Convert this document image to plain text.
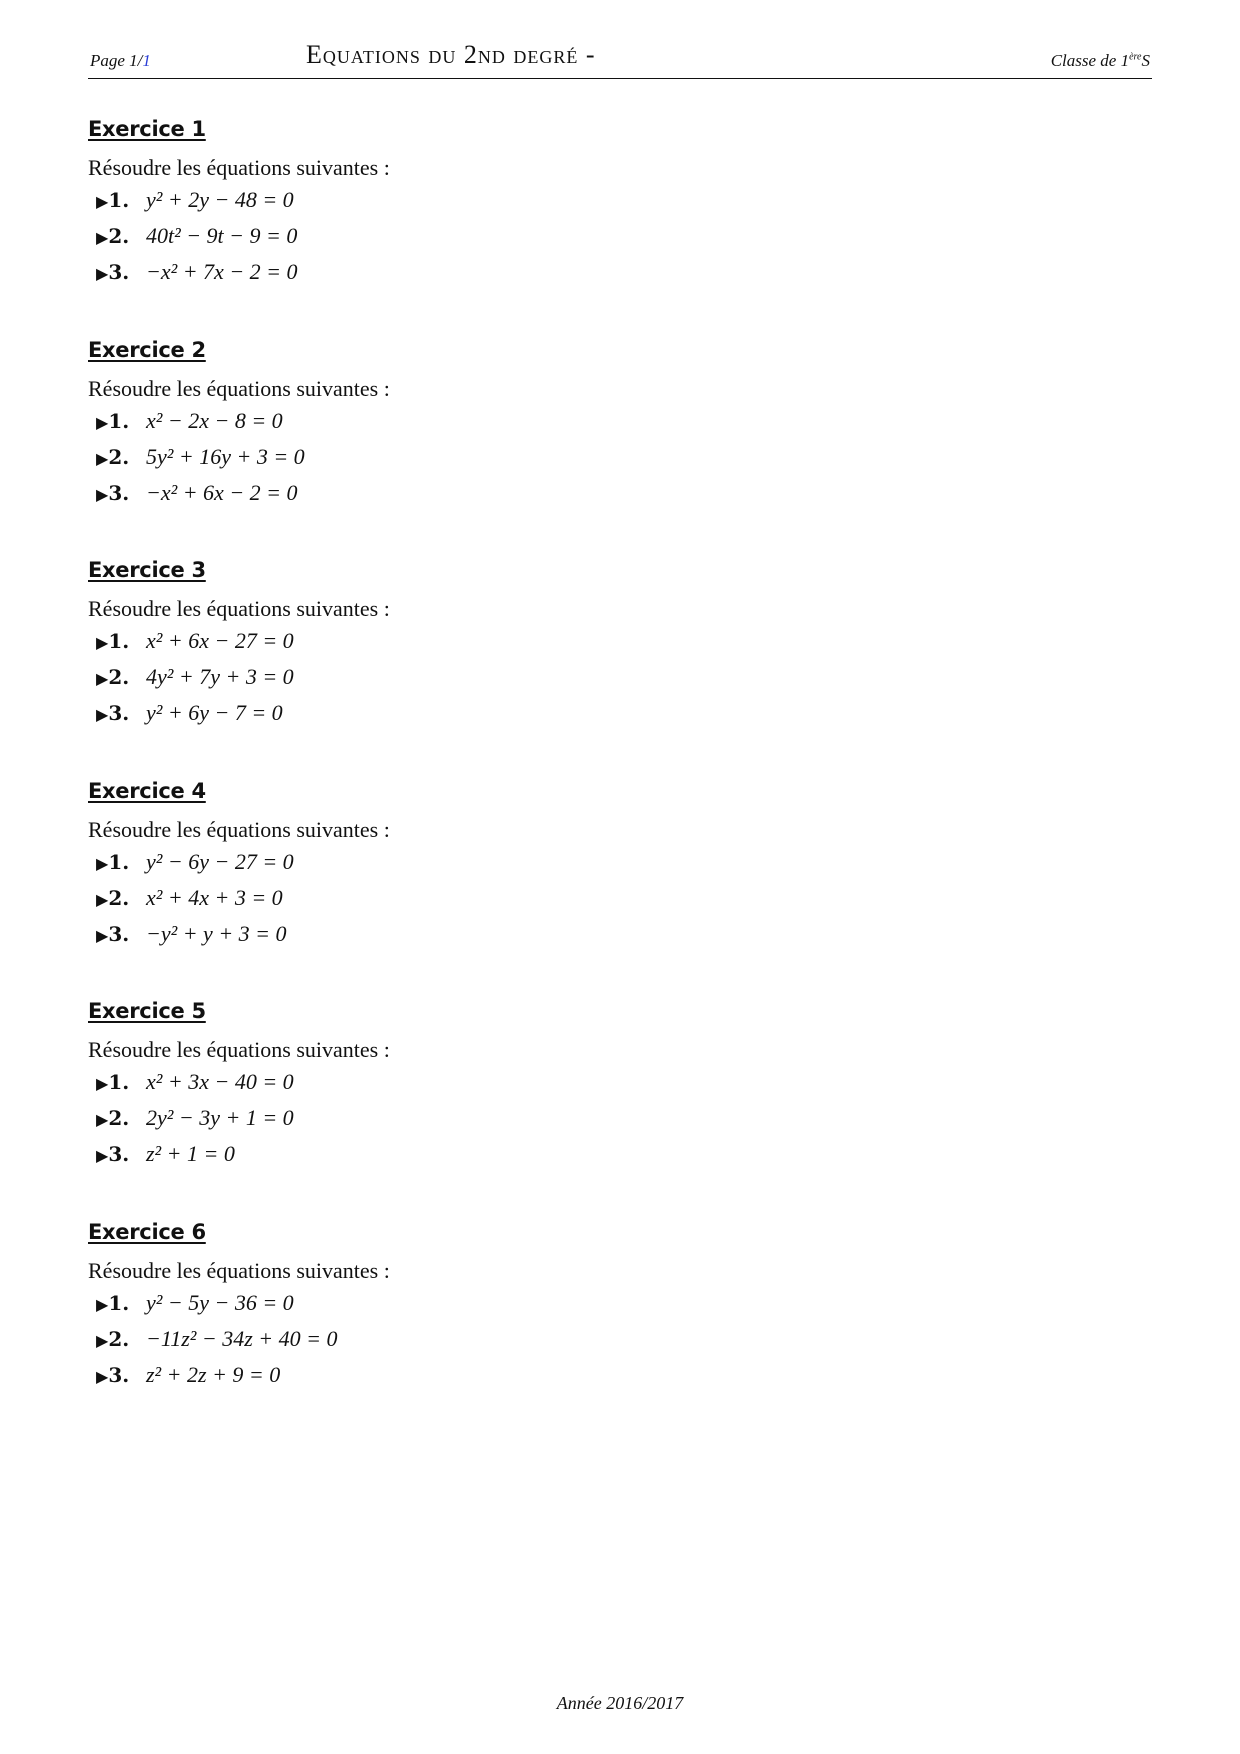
Page 1/1	Equations du 2nd degré -	Classe de 1èreS
Exercice 1
Résoudre les équations suivantes :
▶1. y² + 2y − 48 = 0
▶2. 40t² − 9t − 9 = 0
▶3. −x² + 7x − 2 = 0
Exercice 2
Résoudre les équations suivantes :
▶1. x² − 2x − 8 = 0
▶2. 5y² + 16y + 3 = 0
▶3. −x² + 6x − 2 = 0
Exercice 3
Résoudre les équations suivantes :
▶1. x² + 6x − 27 = 0
▶2. 4y² + 7y + 3 = 0
▶3. y² + 6y − 7 = 0
Exercice 4
Résoudre les équations suivantes :
▶1. y² − 6y − 27 = 0
▶2. x² + 4x + 3 = 0
▶3. −y² + y + 3 = 0
Exercice 5
Résoudre les équations suivantes :
▶1. x² + 3x − 40 = 0
▶2. 2y² − 3y + 1 = 0
▶3. z² + 1 = 0
Exercice 6
Résoudre les équations suivantes :
▶1. y² − 5y − 36 = 0
▶2. −11z² − 34z + 40 = 0
▶3. z² + 2z + 9 = 0
Année 2016/2017
